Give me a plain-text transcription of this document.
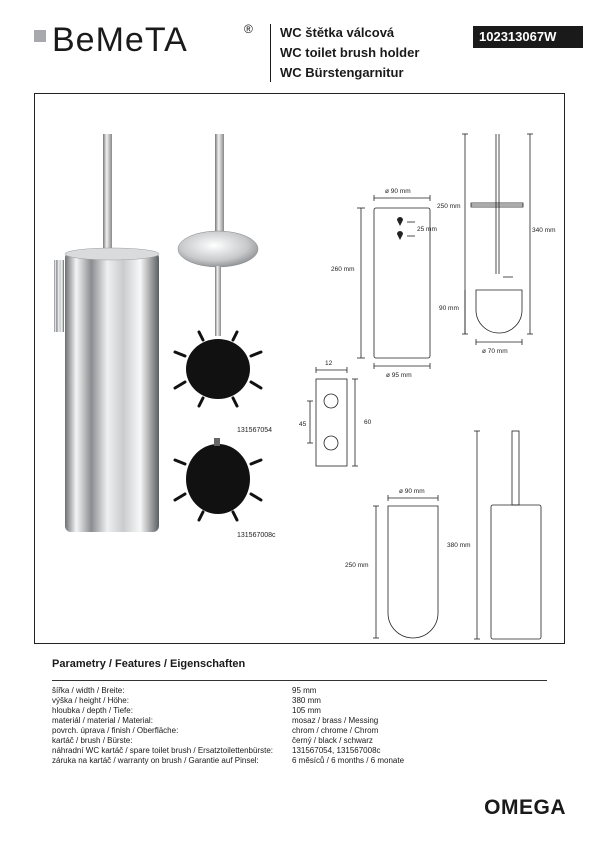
BeMeTA	® WC štětka válcová
WC toilet brush holder
WC Bürstengarnitur
102313067W
131567054
131567008c
ø 90 mm
25 mm
260 mm
ø 95 mm
250 mm
340 mm
90 mm
ø 70 mm
12
45	60
ø 90 mm
250 mm
380 mm
Parametry / Features / Eigenschaften
šířka / width / Breite:	95 mm
výška / height / Höhe:	380 mm
hloubka / depth / Tiefe:	105 mm
materiál / material / Material:	mosaz / brass / Messing
povrch. úprava / finish / Oberfläche:	chrom / chrome / Chrom
kartáč / brush / Bürste:	černý / black / schwarz
náhradní WC kartáč / spare toilet brush / Ersatztoilettenbürste: 131567054, 131567008c
záruka na kartáč / warranty on brush / Garantie auf Pinsel:	6 měsíců / 6 months / 6 monate
OMEGA
